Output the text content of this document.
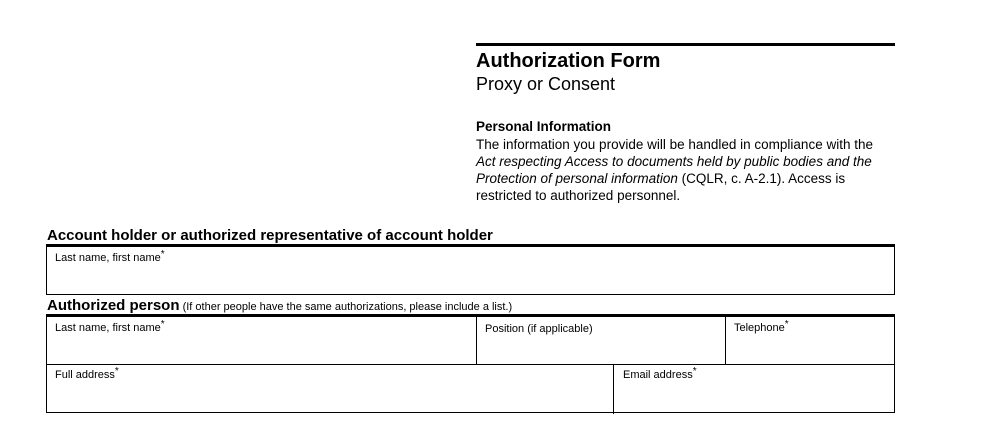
Authorization Form
Proxy or Consent
Personal Information
The information you provide will be handled in compliance with the Act respecting Access to documents held by public bodies and the Protection of personal information (CQLR, c. A-2.1). Access is restricted to authorized personnel.
Account holder or authorized representative of account holder
Last name, first name*
Authorized person (If other people have the same authorizations, please include a list.)
Last name, first name*	Position (if applicable)	Telephone*
Full address*	Email address*
